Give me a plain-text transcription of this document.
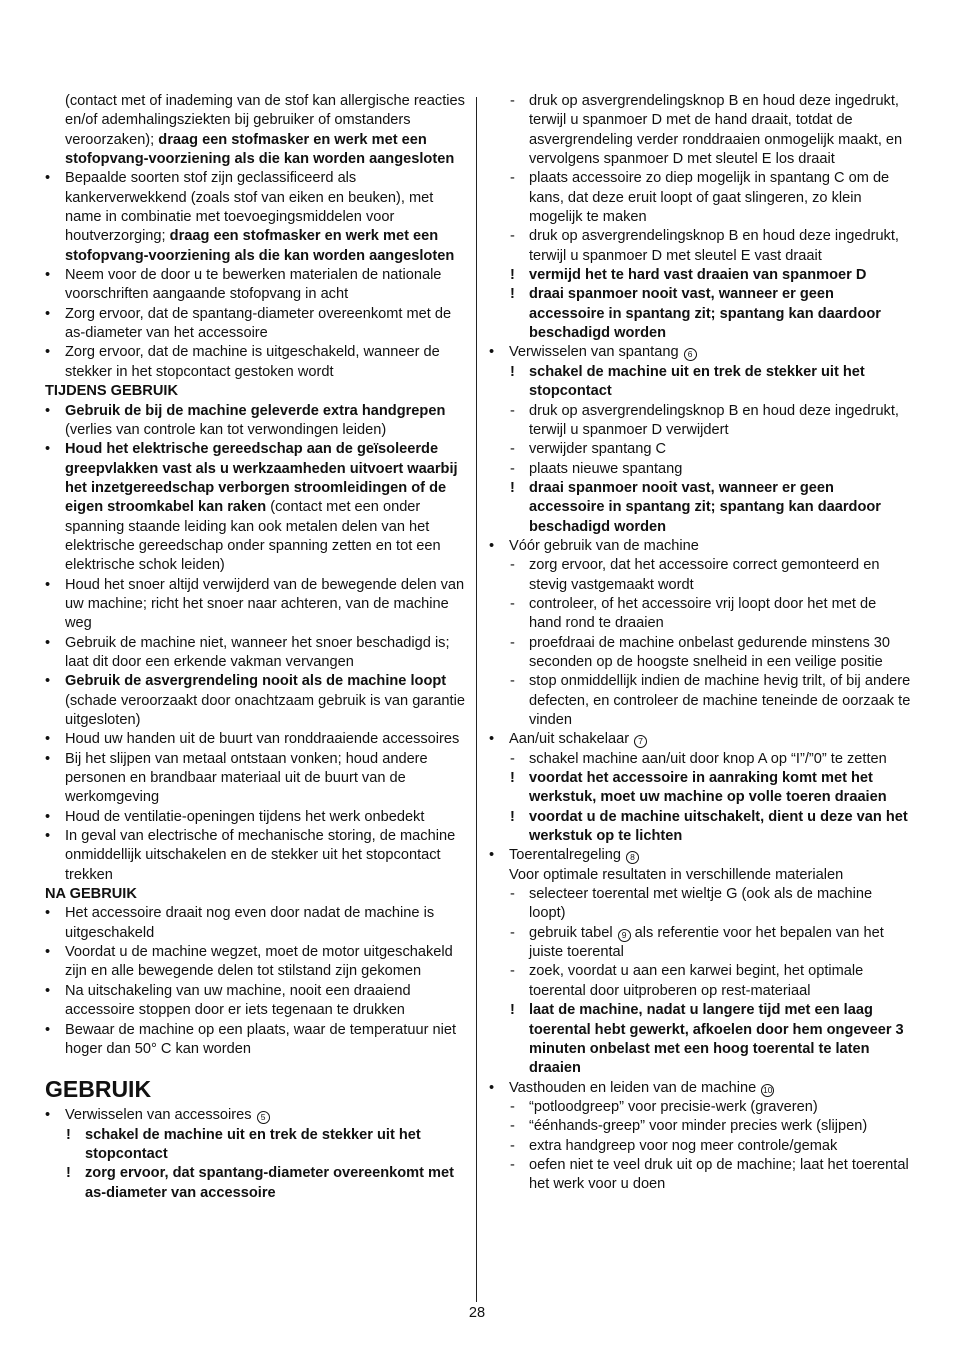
(contact met of inademing van de stof kan allergische reacties en/of ademhalingsziekten bij gebruiker of omstanders veroorzaken); draag een stofmasker en werk met een stofopvang-voorziening als die kan worden aangesloten
• Bepaalde soorten stof zijn geclassificeerd als kankerverwekkend (zoals stof van eiken en beuken), met name in combinatie met toevoegingsmiddelen voor houtverzorging; draag een stofmasker en werk met een stofopvang-voorziening als die kan worden aangesloten
• Neem voor de door u te bewerken materialen de nationale voorschriften aangaande stofopvang in acht
• Zorg ervoor, dat de spantang-diameter overeenkomt met de as-diameter van het accessoire
• Zorg ervoor, dat de machine is uitgeschakeld, wanneer de stekker in het stopcontact gestoken wordt
TIJDENS GEBRUIK
• Gebruik de bij de machine geleverde extra handgrepen (verlies van controle kan tot verwondingen leiden)
• Houd het elektrische gereedschap aan de geïsoleerde greepvlakken vast als u werkzaamheden uitvoert waarbij het inzetgereedschap verborgen stroomleidingen of de eigen stroomkabel kan raken (contact met een onder spanning staande leiding kan ook metalen delen van het elektrische gereedschap onder spanning zetten en tot een elektrische schok leiden)
• Houd het snoer altijd verwijderd van de bewegende delen van uw machine; richt het snoer naar achteren, van de machine weg
• Gebruik de machine niet, wanneer het snoer beschadigd is; laat dit door een erkende vakman vervangen
• Gebruik de asvergrendeling nooit als de machine loopt (schade veroorzaakt door onachtzaam gebruik is van garantie uitgesloten)
• Houd uw handen uit de buurt van ronddraaiende accessoires
• Bij het slijpen van metaal ontstaan vonken; houd andere personen en brandbaar materiaal uit de buurt van de werkomgeving
• Houd de ventilatie-openingen tijdens het werk onbedekt
• In geval van electrische of mechanische storing, de machine onmiddellijk uitschakelen en de stekker uit het stopcontact trekken
NA GEBRUIK
• Het accessoire draait nog even door nadat de machine is uitgeschakeld
• Voordat u de machine wegzet, moet de motor uitgeschakeld zijn en alle bewegende delen tot stilstand zijn gekomen
• Na uitschakeling van uw machine, nooit een draaiend accessoire stoppen door er iets tegenaan te drukken
• Bewaar de machine op een plaats, waar de temperatuur niet hoger dan 50° C kan worden
GEBRUIK
• Verwisselen van accessoires 5
! schakel de machine uit en trek de stekker uit het stopcontact
! zorg ervoor, dat spantang-diameter overeenkomt met as-diameter van accessoire
- druk op asvergrendelingsknop B en houd deze ingedrukt, terwijl u spanmoer D met de hand draait, totdat de asvergrendeling verder ronddraaien onmogelijk maakt, en vervolgens spanmoer D met sleutel E los draait
- plaats accessoire zo diep mogelijk in spantang C om de kans, dat deze eruit loopt of gaat slingeren, zo klein mogelijk te maken
- druk op asvergrendelingsknop B en houd deze ingedrukt, terwijl u spanmoer D met sleutel E vast draait
! vermijd het te hard vast draaien van spanmoer D
! draai spanmoer nooit vast, wanneer er geen accessoire in spantang zit; spantang kan daardoor beschadigd worden
• Verwisselen van spantang 6
! schakel de machine uit en trek de stekker uit het stopcontact
- druk op asvergrendelingsknop B en houd deze ingedrukt, terwijl u spanmoer D verwijdert
- verwijder spantang C
- plaats nieuwe spantang
! draai spanmoer nooit vast, wanneer er geen accessoire in spantang zit; spantang kan daardoor beschadigd worden
• Vóór gebruik van de machine
- zorg ervoor, dat het accessoire correct gemonteerd en stevig vastgemaakt wordt
- controleer, of het accessoire vrij loopt door het met de hand rond te draaien
- proefdraai de machine onbelast gedurende minstens 30 seconden op de hoogste snelheid in een veilige positie
- stop onmiddellijk indien de machine hevig trilt, of bij andere defecten, en controleer de machine teneinde de oorzaak te vinden
• Aan/uit schakelaar 7
- schakel machine aan/uit door knop A op “I”/”0” te zetten
! voordat het accessoire in aanraking komt met het werkstuk, moet uw machine op volle toeren draaien
! voordat u de machine uitschakelt, dient u deze van het werkstuk op te lichten
• Toerentalregeling 8
Voor optimale resultaten in verschillende materialen
- selecteer toerental met wieltje G (ook als de machine loopt)
- gebruik tabel 9 als referentie voor het bepalen van het juiste toerental
- zoek, voordat u aan een karwei begint, het optimale toerental door uitproberen op rest-materiaal
! laat de machine, nadat u langere tijd met een laag toerental hebt gewerkt, afkoelen door hem ongeveer 3 minuten onbelast met een hoog toerental te laten draaien
• Vasthouden en leiden van de machine 10
- “potloodgreep” voor precisie-werk (graveren)
- “éénhands-greep” voor minder precies werk (slijpen)
- extra handgreep voor nog meer controle/gemak
- oefen niet te veel druk uit op de machine; laat het toerental het werk voor u doen
28
